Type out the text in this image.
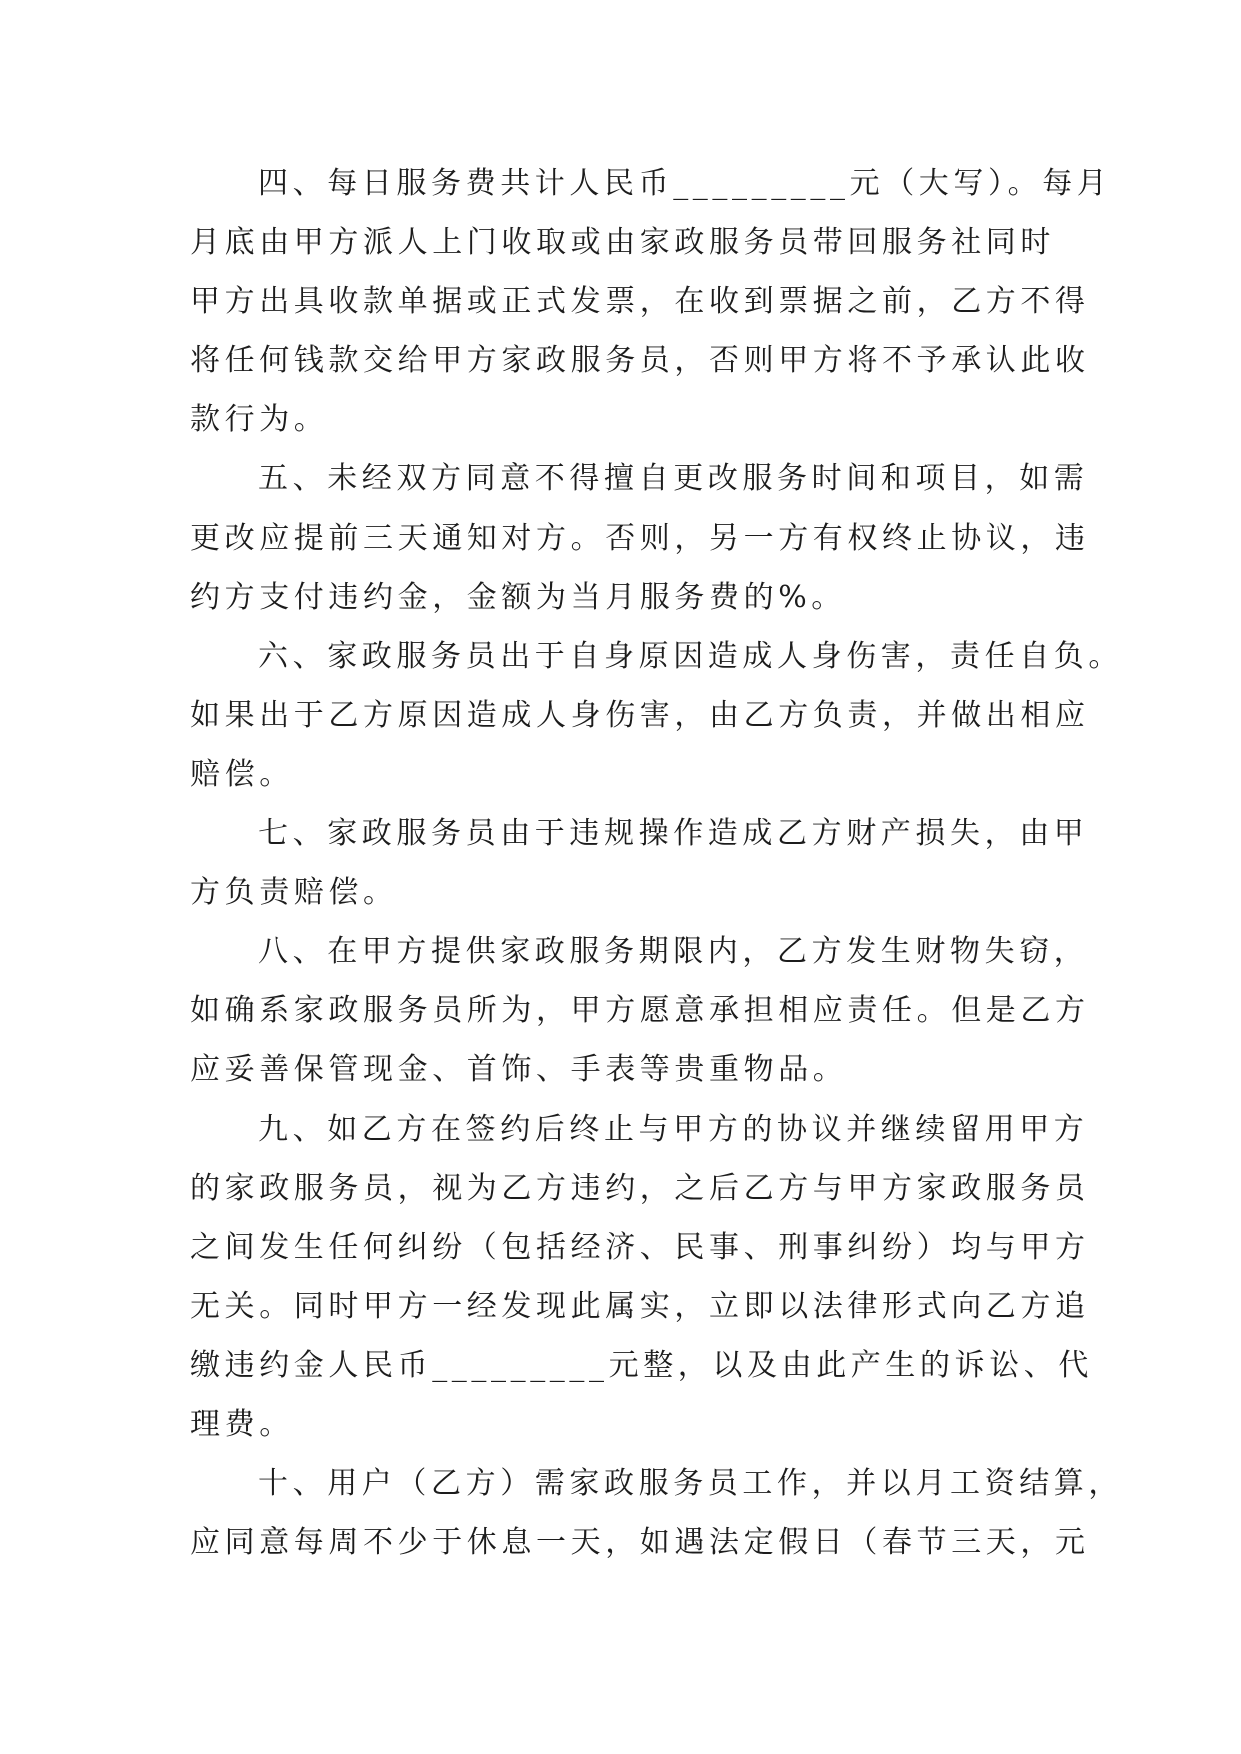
四、每日服务费共计人民币_________元（大写）。每月
月底由甲方派人上门收取或由家政服务员带回服务社同时
甲方出具收款单据或正式发票，在收到票据之前，乙方不得
将任何钱款交给甲方家政服务员，否则甲方将不予承认此收
款行为。
五、未经双方同意不得擅自更改服务时间和项目，如需
更改应提前三天通知对方。否则，另一方有权终止协议，违
约方支付违约金，金额为当月服务费的%。
六、家政服务员出于自身原因造成人身伤害，责任自负。
如果出于乙方原因造成人身伤害，由乙方负责，并做出相应
赔偿。
七、家政服务员由于违规操作造成乙方财产损失，由甲
方负责赔偿。
八、在甲方提供家政服务期限内，乙方发生财物失窃，
如确系家政服务员所为，甲方愿意承担相应责任。但是乙方
应妥善保管现金、首饰、手表等贵重物品。
九、如乙方在签约后终止与甲方的协议并继续留用甲方
的家政服务员，视为乙方违约，之后乙方与甲方家政服务员
之间发生任何纠纷（包括经济、民事、刑事纠纷）均与甲方
无关。同时甲方一经发现此属实，立即以法律形式向乙方追
缴违约金人民币_________元整，以及由此产生的诉讼、代
理费。
十、用户（乙方）需家政服务员工作，并以月工资结算，
应同意每周不少于休息一天，如遇法定假日（春节三天，元
